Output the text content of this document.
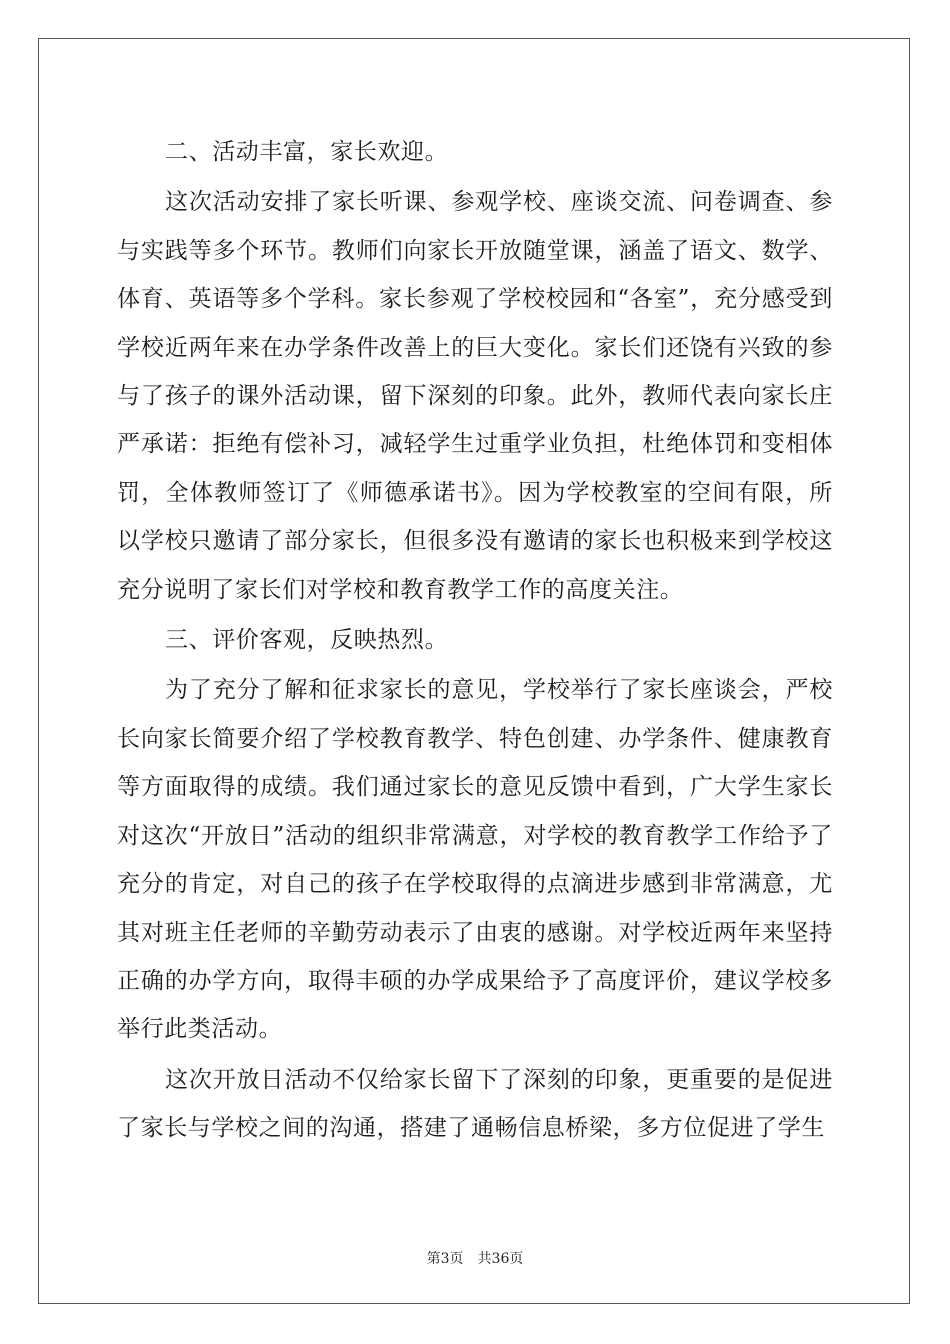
二、活动丰富，家长欢迎。

这次活动安排了家长听课、参观学校、座谈交流、问卷调查、参与实践等多个环节。教师们向家长开放随堂课，涵盖了语文、数学、体育、英语等多个学科。家长参观了学校校园和“各室”，充分感受到学校近两年来在办学条件改善上的巨大变化。家长们还饶有兴致的参与了孩子的课外活动课，留下深刻的印象。此外，教师代表向家长庄严承诺：拒绝有偿补习，减轻学生过重学业负担，杜绝体罚和变相体罚，全体教师签订了《师德承诺书》。因为学校教室的空间有限，所以学校只邀请了部分家长，但很多没有邀请的家长也积极来到学校这充分说明了家长们对学校和教育教学工作的高度关注。

三、评价客观，反映热烈。

为了充分了解和征求家长的意见，学校举行了家长座谈会，严校长向家长简要介绍了学校教育教学、特色创建、办学条件、健康教育等方面取得的成绩。我们通过家长的意见反馈中看到，广大学生家长对这次“开放日”活动的组织非常满意，对学校的教育教学工作给予了充分的肯定，对自己的孩子在学校取得的点滴进步感到非常满意，尤其对班主任老师的辛勤劳动表示了由衷的感谢。对学校近两年来坚持正确的办学方向，取得丰硕的办学成果给予了高度评价，建议学校多举行此类活动。

这次开放日活动不仅给家长留下了深刻的印象，更重要的是促进了家长与学校之间的沟通，搭建了通畅信息桥梁，多方位促进了学生

第3页 共36页
